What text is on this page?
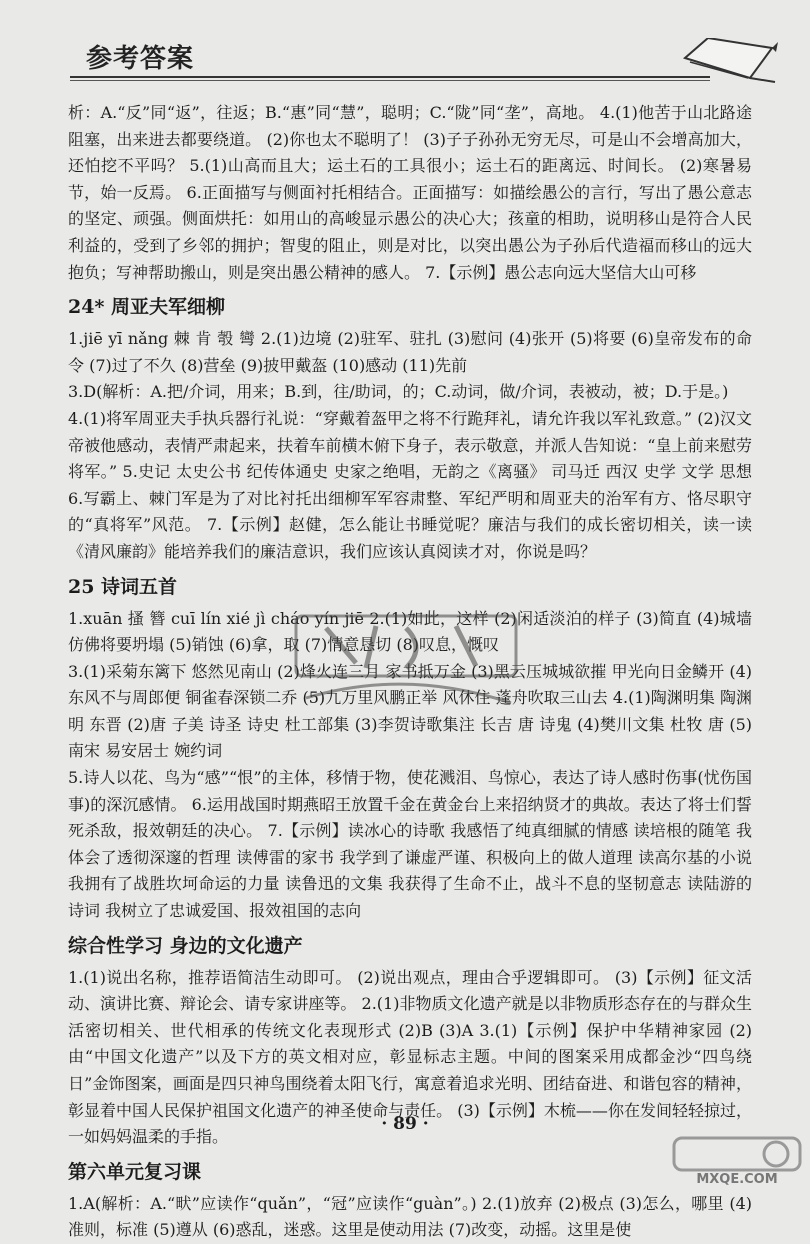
参考答案

析：A.“反”同“返”，往返；B.“惠”同“慧”，聪明；C.“陇”同“垄”，高地。 4.(1)他苦于山北路途阻塞，出来进去都要绕道。 (2)你也太不聪明了！ (3)子子孙孙无穷无尽，可是山不会增高加大，还怕挖不平吗？ 5.(1)山高而且大；运土石的工具很小；运土石的距离远、时间长。 (2)寒暑易节，始一反焉。 6.正面描写与侧面衬托相结合。正面描写：如描绘愚公的言行，写出了愚公意志的坚定、顽强。侧面烘托：如用山的高峻显示愚公的决心大；孩童的相助，说明移山是符合人民利益的，受到了乡邻的拥护；智叟的阻止，则是对比，以突出愚公为子孙后代造福而移山的远大抱负；写神帮助搬山，则是突出愚公精神的感人。 7.【示例】愚公志向远大坚信大山可移

24* 周亚夫军细柳

1.jiē yī nǎng 棘 肯 彀 彎 2.(1)边境 (2)驻军、驻扎 (3)慰问 (4)张开 (5)将要 (6)皇帝发布的命令 (7)过了不久 (8)营垒 (9)披甲戴盔 (10)感动 (11)先前

3.D(解析：A.把/介词，用来；B.到，往/助词，的；C.动词，做/介词，表被动，被；D.于是。)

4.(1)将军周亚夫手执兵器行礼说：“穿戴着盔甲之将不行跪拜礼，请允许我以军礼致意。” (2)汉文帝被他感动，表情严肃起来，扶着车前横木俯下身子，表示敬意，并派人告知说：“皇上前来慰劳将军。” 5.史记 太史公书 纪传体通史 史家之绝唱，无韵之《离骚》 司马迁 西汉 史学 文学 思想 6.写霸上、棘门军是为了对比衬托出细柳军军容肃整、军纪严明和周亚夫的治军有方、恪尽职守的“真将军”风范。 7.【示例】赵健，怎么能让书睡觉呢？廉洁与我们的成长密切相关，读一读《清风廉韵》能培养我们的廉洁意识，我们应该认真阅读才对，你说是吗？

25 诗词五首

1.xuān 搔 簪 cuī lín xié jì cháo yín jiē 2.(1)如此，这样 (2)闲适淡泊的样子 (3)简直 (4)城墙仿佛将要坍塌 (5)销蚀 (6)拿，取 (7)情意恳切 (8)叹息，慨叹

3.(1)采菊东篱下 悠然见南山 (2)烽火连三月 家书抵万金 (3)黑云压城城欲摧 甲光向日金鳞开 (4)东风不与周郎便 铜雀春深锁二乔 (5)九万里风鹏正举 风休住 蓬舟吹取三山去 4.(1)陶渊明集 陶渊明 东晋 (2)唐 子美 诗圣 诗史 杜工部集 (3)李贺诗歌集注 长吉 唐 诗鬼 (4)樊川文集 杜牧 唐 (5)南宋 易安居士 婉约词

5.诗人以花、鸟为“感”“恨”的主体，移情于物，使花溅泪、鸟惊心，表达了诗人感时伤事(忧伤国事)的深沉感情。 6.运用战国时期燕昭王放置千金在黄金台上来招纳贤才的典故。表达了将士们誓死杀敌，报效朝廷的决心。 7.【示例】读冰心的诗歌 我感悟了纯真细腻的情感 读培根的随笔 我体会了透彻深邃的哲理 读傅雷的家书 我学到了谦虚严谨、积极向上的做人道理 读高尔基的小说 我拥有了战胜坎坷命运的力量 读鲁迅的文集 我获得了生命不止，战斗不息的坚韧意志 读陆游的诗词 我树立了忠诚爱国、报效祖国的志向

综合性学习 身边的文化遗产

1.(1)说出名称，推荐语简洁生动即可。 (2)说出观点，理由合乎逻辑即可。 (3)【示例】征文活动、演讲比赛、辩论会、请专家讲座等。 2.(1)非物质文化遗产就是以非物质形态存在的与群众生活密切相关、世代相承的传统文化表现形式 (2)B (3)A 3.(1)【示例】保护中华精神家园 (2)由“中国文化遗产”以及下方的英文相对应，彰显标志主题。中间的图案采用成都金沙“四鸟绕日”金饰图案，画面是四只神鸟围绕着太阳飞行，寓意着追求光明、团结奋进、和谐包容的精神，彰显着中国人民保护祖国文化遗产的神圣使命与责任。 (3)【示例】木梳——你在发间轻轻掠过，一如妈妈温柔的手指。

第六单元复习课

1.A(解析：A.“畎”应读作“quǎn”，“冠”应读作“guàn”。) 2.(1)放弃 (2)极点 (3)怎么，哪里 (4)准则，标准 (5)遵从 (6)惑乱，迷惑。这里是使动用法 (7)改变，动摇。这里是使

· 89 ·
MXQE.COM
